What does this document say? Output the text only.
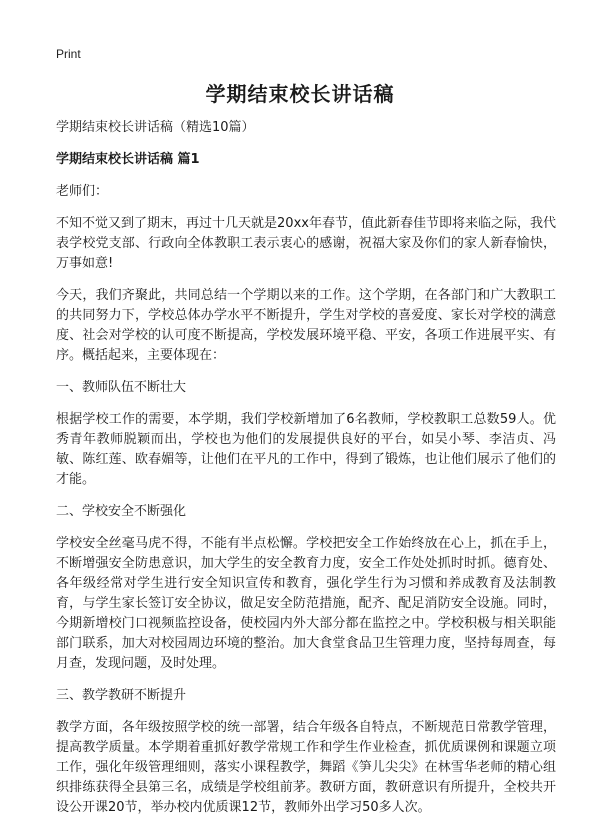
Print
学期结束校长讲话稿

学期结束校长讲话稿（精选10篇）

学期结束校长讲话稿 篇1

老师们：

不知不觉又到了期末，再过十几天就是20xx年春节，值此新春佳节即将来临之际，我代表学校党支部、行政向全体教职工表示衷心的感谢，祝福大家及你们的家人新春愉快，万事如意!

今天，我们齐聚此，共同总结一个学期以来的工作。这个学期，在各部门和广大教职工的共同努力下，学校总体办学水平不断提升，学生对学校的喜爱度、家长对学校的满意度、社会对学校的认可度不断提高，学校发展环境平稳、平安，各项工作进展平实、有序。概括起来，主要体现在：

一、教师队伍不断壮大

根据学校工作的需要，本学期，我们学校新增加了6名教师，学校教职工总数59人。优秀青年教师脱颖而出，学校也为他们的发展提供良好的平台，如吴小琴、李洁贞、冯敏、陈红莲、欧春媚等，让他们在平凡的工作中，得到了锻炼，也让他们展示了他们的才能。

二、学校安全不断强化

学校安全丝毫马虎不得，不能有半点松懈。学校把安全工作始终放在心上，抓在手上，不断增强安全防患意识，加大学生的安全教育力度，安全工作处处抓时时抓。德育处、各年级经常对学生进行安全知识宣传和教育，强化学生行为习惯和养成教育及法制教育，与学生家长签订安全协议，做足安全防范措施，配齐、配足消防安全设施。同时，今期新增校门口视频监控设备，使校园内外大部分都在监控之中。学校积极与相关职能部门联系，加大对校园周边环境的整治。加大食堂食品卫生管理力度，坚持每周查，每月查，发现问题，及时处理。

三、教学教研不断提升

教学方面，各年级按照学校的统一部署，结合年级各自特点，不断规范日常教学管理，提高教学质量。本学期着重抓好教学常规工作和学生作业检查，抓优质课例和课题立项工作，强化年级管理细则，落实小课程教学，舞蹈《笋儿尖尖》在林雪华老师的精心组织排练获得全县第三名，成绩是学校组前茅。教研方面，教研意识有所提升，全校共开设公开课20节，举办校内优质课12节，教师外出学习50多人次。
